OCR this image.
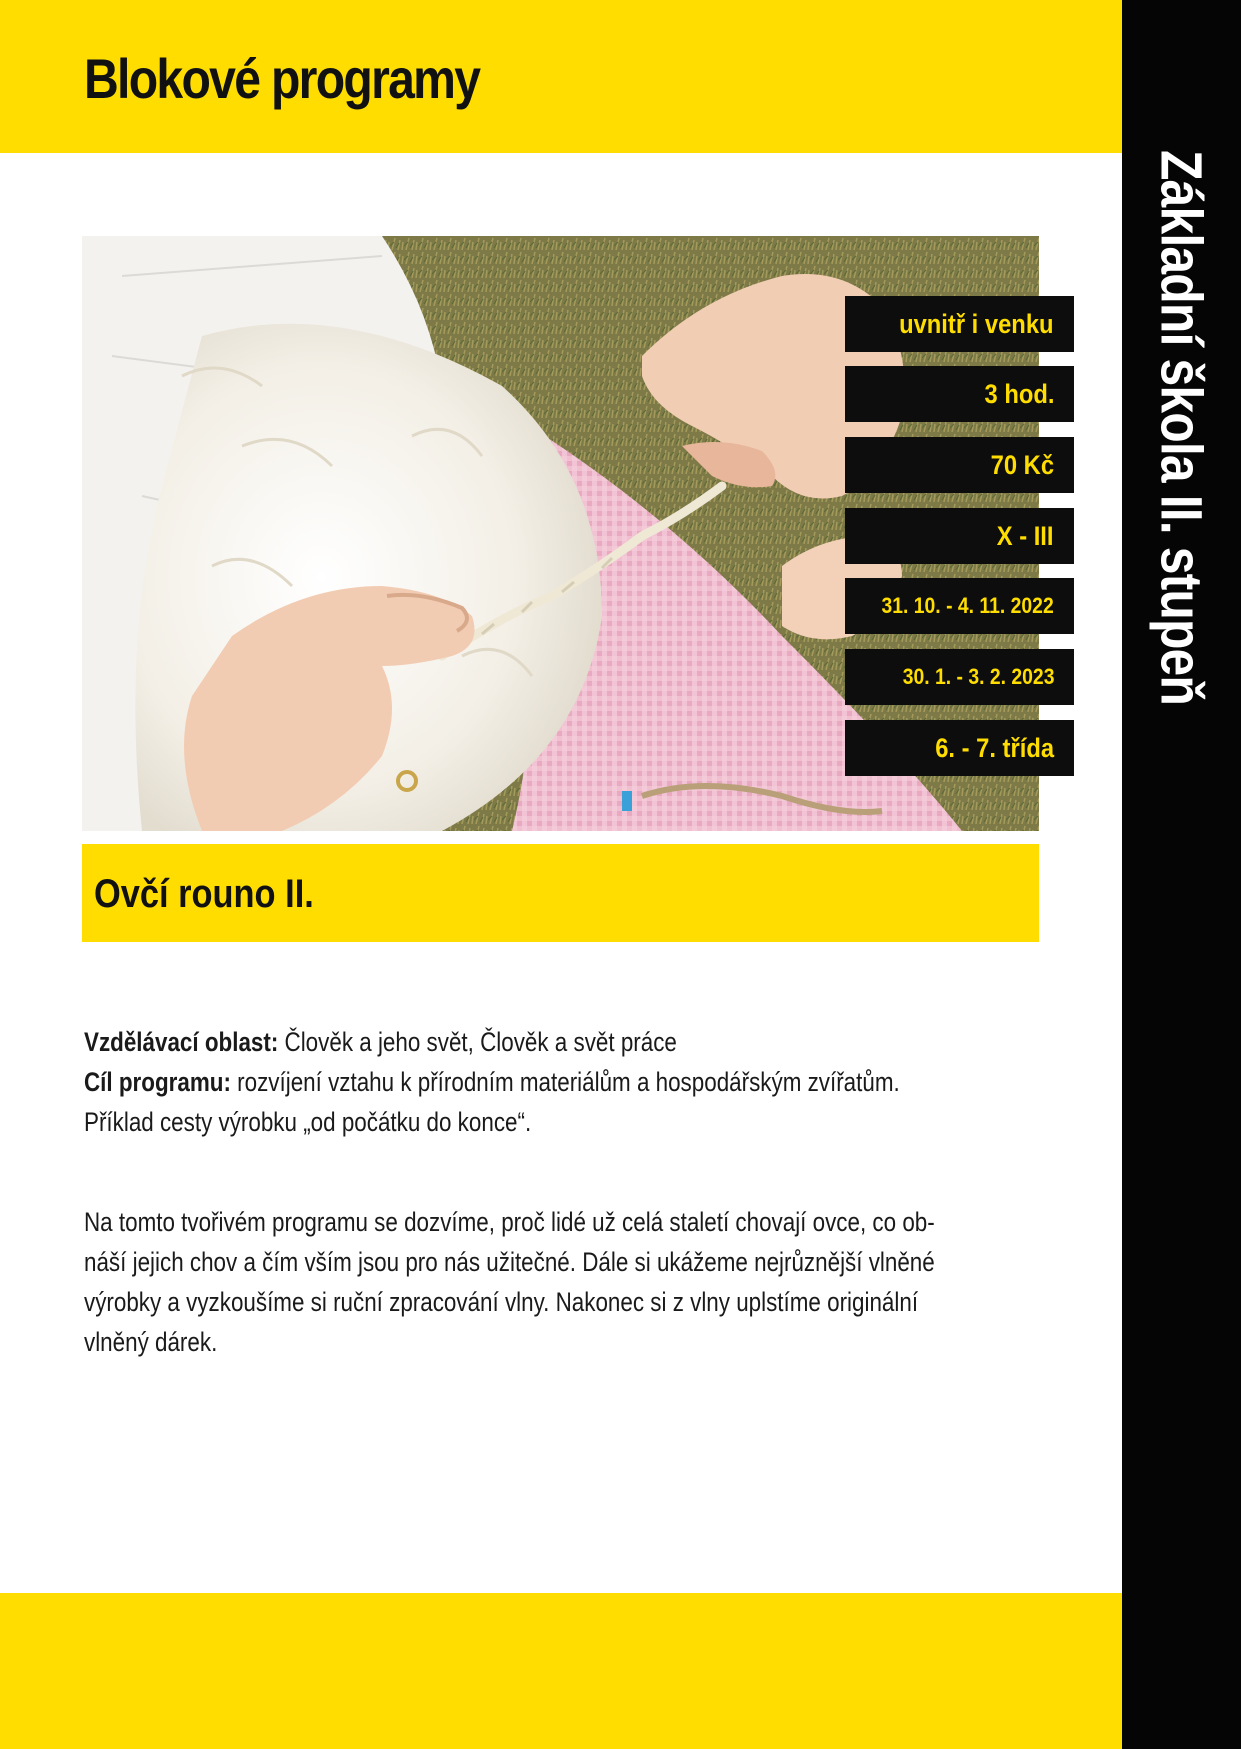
Blokové programy
Základní škola II. stupeň
uvnitř i venku
3 hod.
70 Kč
X - III
31. 10. - 4. 11. 2022
30. 1. - 3. 2. 2023
6. - 7. třída
Ovčí rouno II.
Vzdělávací oblast: Člověk a jeho svět, Člověk a svět práce
Cíl programu: rozvíjení vztahu k přírodním materiálům a hospodářským zvířatům.
Příklad cesty výrobku „od počátku do konce“.
Na tomto tvořivém programu se dozvíme, proč lidé už celá staletí chovají ovce, co ob-
náší jejich chov a čím vším jsou pro nás užitečné. Dále si ukážeme nejrůznější vlněné
výrobky a vyzkoušíme si ruční zpracování vlny. Nakonec si z vlny uplstíme originální
vlněný dárek.
